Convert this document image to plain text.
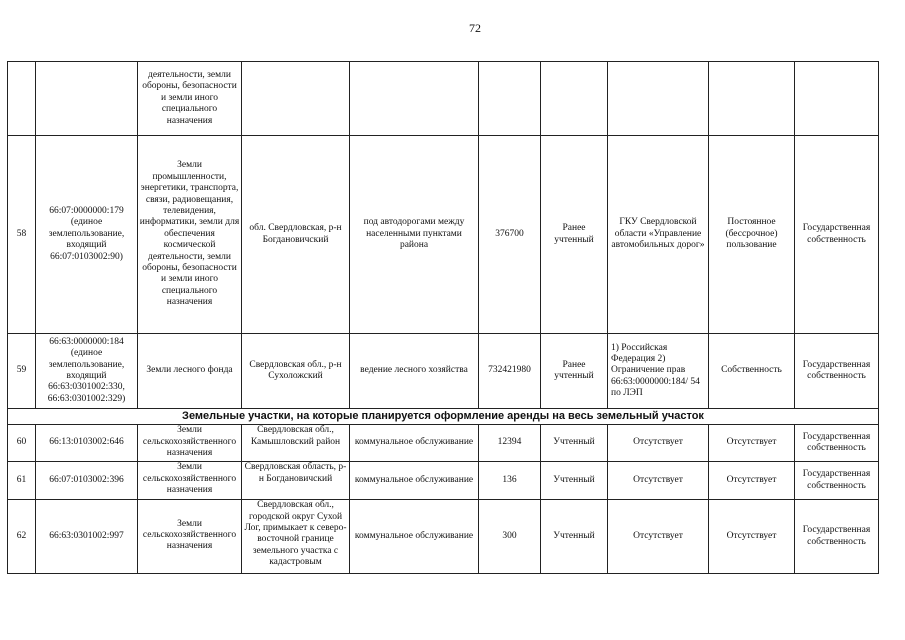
72
		деятельности, земли обороны, безопасности и земли иного специального назначения							
58	66:07:0000000:179 (единое землепользование, входящий 66:07:0103002:90)	Земли промышленности, энергетики, транспорта, связи, радиовещания, телевидения, информатики, земли для обеспечения космической деятельности, земли обороны, безопасности и земли иного специального назначения	обл. Свердловская, р-н Богдановичский	под автодорогами между населенными пунктами района	376700	Ранее учтенный	ГКУ Свердловской области «Управление автомобильных дорог»	Постоянное (бессрочное) пользование	Государственная собственность
59	66:63:0000000:184 (единое землепользование, входящий 66:63:0301002:330, 66:63:0301002:329)	Земли лесного фонда	Свердловская обл., р-н Сухоложский	ведение лесного хозяйства	732421980	Ранее учтенный	1) Российская Федерация 2) Ограничение прав 66:63:0000000:184/ 54 по ЛЭП	Собственность	Государственная собственность
Земельные участки, на которые планируется оформление аренды на весь земельный участок									
60	66:13:0103002:646	Земли сельскохозяйственного назначения	Свердловская обл., Камышловский район	коммунальное обслуживание	12394	Учтенный	Отсутствует	Отсутствует	Государственная собственность
61	66:07:0103002:396	Земли сельскохозяйственного назначения	Свердловская область, р-н Богдановичский	коммунальное обслуживание	136	Учтенный	Отсутствует	Отсутствует	Государственная собственность
62	66:63:0301002:997	Земли сельскохозяйственного назначения	Свердловская обл., городской округ Сухой Лог, примыкает к северо-восточной границе земельного участка с кадастровым	коммунальное обслуживание	300	Учтенный	Отсутствует	Отсутствует	Государственная собственность
